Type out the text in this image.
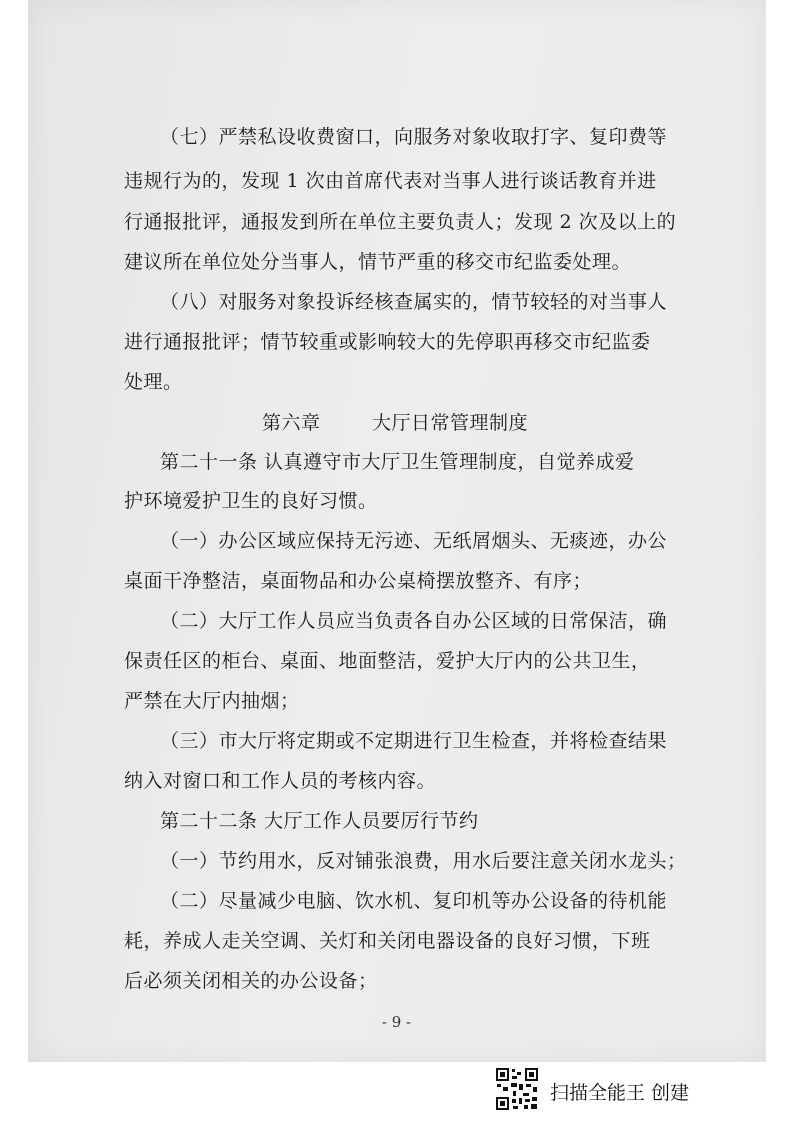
（七）严禁私设收费窗口，向服务对象收取打字、复印费等

违规行为的，发现 1 次由首席代表对当事人进行谈话教育并进

行通报批评，通报发到所在单位主要负责人；发现 2 次及以上的

建议所在单位处分当事人，情节严重的移交市纪监委处理。

（八）对服务对象投诉经核查属实的，情节较轻的对当事人

进行通报批评；情节较重或影响较大的先停职再移交市纪监委

处理。

第六章	大厅日常管理制度

第二十一条 认真遵守市大厅卫生管理制度，自觉养成爱

护环境爱护卫生的良好习惯。

（一）办公区域应保持无污迹、无纸屑烟头、无痰迹，办公

桌面干净整洁，桌面物品和办公桌椅摆放整齐、有序；

（二）大厅工作人员应当负责各自办公区域的日常保洁，确

保责任区的柜台、桌面、地面整洁，爱护大厅内的公共卫生，

严禁在大厅内抽烟；

（三）市大厅将定期或不定期进行卫生检查，并将检查结果

纳入对窗口和工作人员的考核内容。

第二十二条 大厅工作人员要厉行节约

（一）节约用水，反对铺张浪费，用水后要注意关闭水龙头；

（二）尽量减少电脑、饮水机、复印机等办公设备的待机能

耗，养成人走关空调、关灯和关闭电器设备的良好习惯，下班

后必须关闭相关的办公设备；

- 9 -
扫描全能王 创建
